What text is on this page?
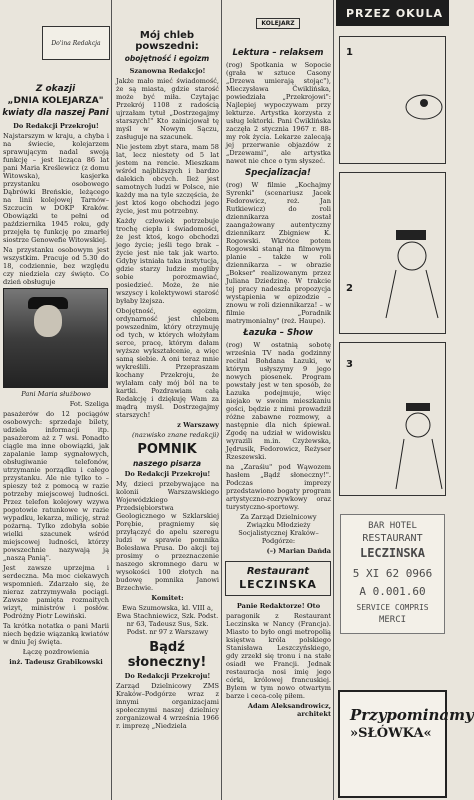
Do'ina Redakcja
Z okazji
„DNIA KOLEJARZA"
kwiaty dla naszej Pani

Do Redakcji Przekroju!

Najstarszym w kraju, a chyba i na świecie, kolejarzem sprawującym nadal swoją funkcję – jest licząca 86 lat pani Maria Kreślewicz (z domu Witowska), kasjerka przystanku osobowego Dąbrówki Breńskie, leżącego na linii kolejowej Tarnów–Szczucin w DOKP Kraków. Obowiązki te pełni od października 1945 roku, gdy przejęła tę funkcję po zmarłej siostrze Genowefie Witowskiej.

Na przystanku osobowym jest wszystkim. Pracuje od 5.30 do 18, codziennie, bez względu czy niedziela czy święto. Co dzień obsługuje

Pani Maria służbowo

Fot. Szeliga

pasażerów do 12 pociągów osobowych: sprzedaje bilety, udziela informacji itp. pasażerom aż z 7 wsi. Ponadto ciągle ma inne obowiązki, jak zapalanie lamp sygnałowych, obsługiwanie telefonów, utrzymanie porządku i całego przystanku. Ale nie tylko to – spieszy też z pomocą w razie potrzeby miejscowej ludności. Przez telefon kolejowy wzywa pogotowie ratunkowe w razie wypadku, lekarza, milicję, straż pożarną. Tylko zdobyła sobie wielki szacunek wśród miejscowej ludności, którzy powszechnie nazywają ją „naszą Panią".

Jest zawsze uprzejma i serdeczna. Ma moc ciekawych wspomnień. Zdarzało się, że nieraz zatrzymywała pociągi. Zawsze pamięta rozmaitych wizyt, ministrów i posłów. Podróżny Piotr Lewiński.

Ta krótka notatka o pani Marii niech będzie wiązanką kwiatów w dniu Jej święta.

Łączę pozdrowienia

inż. Tadeusz Grabikowski

Mój chleb powszedni:
obojętność i egoizm

Szanowna Redakcjo!

Jakże mało mieć świadomość, że są miasta, gdzie starość może być miła. Czytając Przekrój 1108 z radością ujrzałam tytuł „Dostrzegajmy starszych!" Kto zainicjował tę myśl w Nowym Sączu, zasługuje na szacunek.

Nie jestem zbyt stara, mam 58 lat, lecz niestety od 5 lat jestem na rencie. Mieszkam wśród najbliższych i bardzo dalekich obcych. Ileż jest samotnych ludzi w Polsce, nie każdy ma na tyle szczęścia, że jest ktoś kogo obchodzi jego życie, jest mu potrzebny.

Każdy człowiek potrzebuje trochę ciepła i świadomości, że jest ktoś, kogo obchodzi jego życie; jeśli tego brak – życie jest nie tak jak warto. Gdyby istniała taka instytucja, gdzie starzy ludzie mogliby sobie porozmawiać, posiedzieć. Może, że nie wszyscy i kolektywowi starość byłaby lżejsza.

Obojętność, egoizm, ordynarność jest chlebem powszednim, który otrzymuję od tych, w których włożyłam serce, pracę, którym dałam wyższe wykształcenie, a więc samą siebie. A oni teraz mnie wykreślili. Przepraszam kochany Przekroju, że wylałam cały mój ból na te kartki. Pozdrawiam całą Redakcję i dziękuję Wam za mądrą myśl. Dostrzegajmy starszych!

z Warszawy

(nazwisko znane redakcji)

POMNIK
naszego pisarza

Do Redakcji Przekroju!

My, dzieci przebywające na kolonii Warszawskiego Wojewódzkiego Przedsiębiorstwa Geologicznego w Szklarskiej Porębie, pragniemy się przyłączyć do apelu szeregu ludzi w sprawie pomnika Bolesława Prusa. Do akcji tej prosimy o przeznaczenie naszego skromnego daru w wysokości 100 złotych na budowę pomnika Janowi Brzechwie.

Komitet:

Ewa Szumowska, kl. VIII a, Ewa Stachniewicz, Szk. Podst. nr 63, Tadeusz Sus, Szk. Podst. nr 97 z Warszawy

Bądź słoneczny!

Do Redakcji Przekroju!

Zarząd Dzielnicowy ZMS Kraków–Podgórze wraz z innymi organizacjami społecznymi naszej dzielnicy zorganizował 4 września 1966 r. imprezę „Niedziela

KOLEJARZ
Lektura – relaksem

(rog) Spotkania w Sopocie (grała w sztuce Casony „Drzewa umierają stojąc"), Mieczysława Ćwiklińska, powiedziała „Przekrojowi": Najlepiej wypoczywam przy lekturze. Artystka korzysta z usług lektorki. Pani Ćwiklińska zaczęła 2 stycznia 1967 r. 88-my rok życia. Lekarze zalecają jej przerwanie objazdów z „Drzewami", ale artystka nawet nie chce o tym słyszeć.

Specjalizacja!

(rog) W filmie „Kochajmy Syrenki" (scenariusz Jacek Fedorowicz, reż. Jan Rutkiewicz) do roli dziennikarza został zaangażowany autentyczny dziennikarz Zbigniew K. Rogowski. Wkrótce potem Rogowski stanął na filmowym planie – także w roli dziennikarza – w obrazie „Bokser" realizowanym przez Juliana Dziedzinę. W trakcie tej pracy nadeszła propozycja wystąpienia w epizodzie – znowu w roli dziennikarza! – w filmie „Poradnik matrymonialny" (reż. Haupe).

Łazuka – Show

(rog) W ostatnią sobotę września TV nada godzinny recital Bohdana Łazuki, w którym usłyszymy 9 jego nowych piosenek. Program powstały jest w ten sposób, że Łazuka podejmuje, więc niejako w swoim mieszkaniu gości, będzie z nimi prowadził różne zabawne rozmowy, a następnie dla nich śpiewał. Zgodę na udział w widowisku wyrazili m.in. Czyżewska, Jędrusik, Fedorowicz, Reżyser Rzeszewski.

na „Zaraśiu" pod Wąwozem hasłem „Bądź słoneczny!". Podczas imprezy przedstawiono bogaty program artystyczno-rozrywkowy oraz turystyczno-sportowy.

Za Zarząd Dzielnicowy Związku Młodzieży Socjalistycznej Kraków–Podgórze:

(–) Marian Dańda

Restaurant
LECZINSKA

Panie Redaktorze! Oto

paragonik z Restaurant Leczinska w Nancy (Francja). Miasto to było ongi metropolią księstwa króla polskiego Stanisława Leszczyńskiego, gdy zrzekł się tronu i na stałe osiadł we Francji. Jednak restauracja nosi imię jego córki, królowej francuskiej. Bylem w tym nowo otwartym barze i ceca-colę piłem.

Adam Aleksandrowicz, architekt

PRZEZ OKULA
1
2
3
BAR HOTEL
RESTAURANT
LECZINSKA
5 XI 62 0966
A 0.001.60
SERVICE COMPRIS
MERCI
Przypominamy
»SŁÓWKA«
